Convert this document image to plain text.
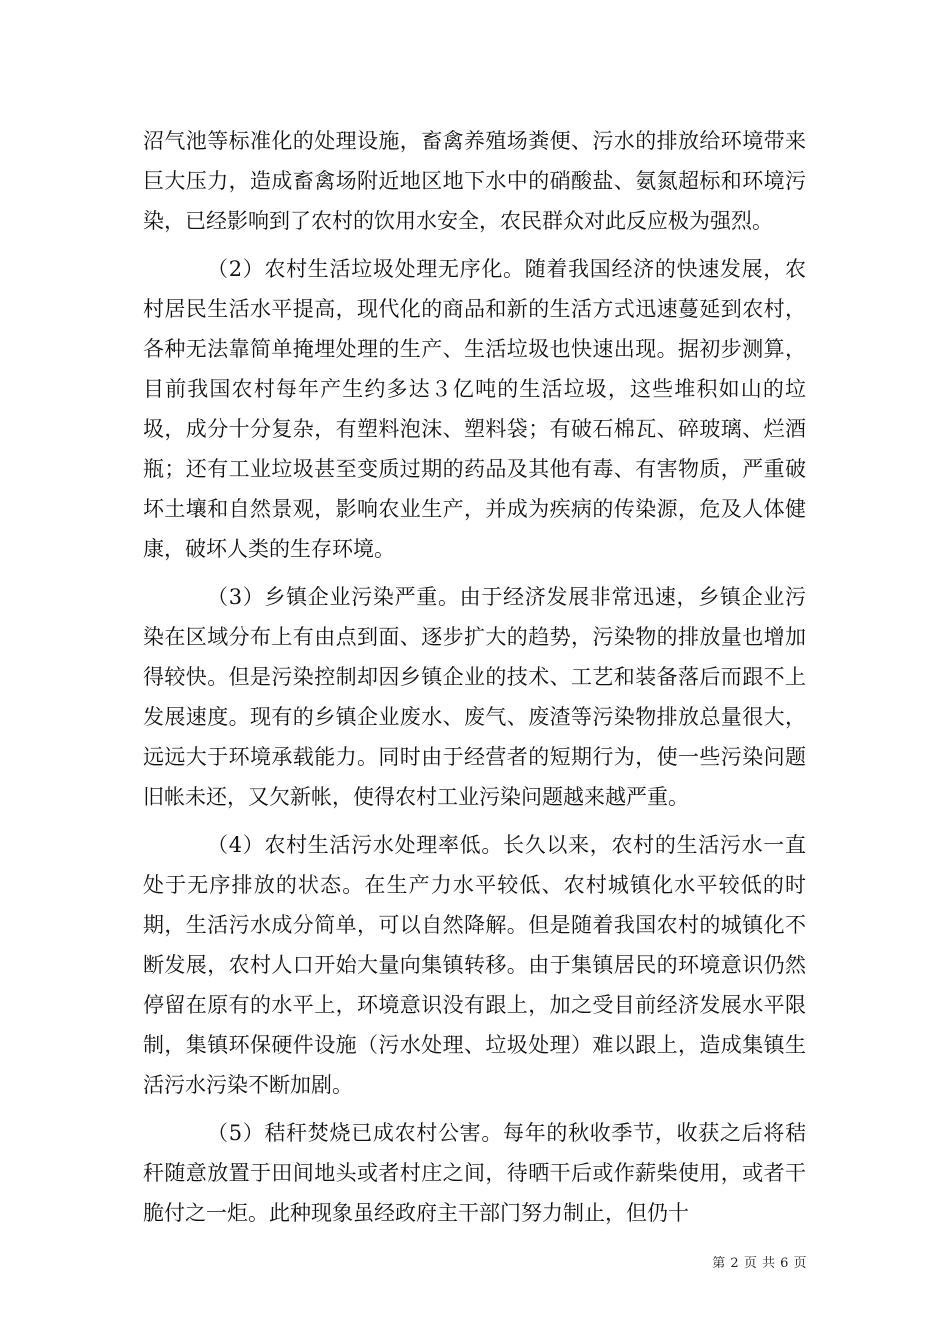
沼气池等标准化的处理设施，畜禽养殖场粪便、污水的排放给环境带来巨大压力，造成畜禽场附近地区地下水中的硝酸盐、氨氮超标和环境污染，已经影响到了农村的饮用水安全，农民群众对此反应极为强烈。

（2）农村生活垃圾处理无序化。随着我国经济的快速发展，农村居民生活水平提高，现代化的商品和新的生活方式迅速蔓延到农村，各种无法靠简单掩埋处理的生产、生活垃圾也快速出现。据初步测算，目前我国农村每年产生约多达３亿吨的生活垃圾，这些堆积如山的垃圾，成分十分复杂，有塑料泡沫、塑料袋；有破石棉瓦、碎玻璃、烂酒瓶；还有工业垃圾甚至变质过期的药品及其他有毒、有害物质，严重破坏土壤和自然景观，影响农业生产，并成为疾病的传染源，危及人体健康，破坏人类的生存环境。

（3）乡镇企业污染严重。由于经济发展非常迅速，乡镇企业污染在区域分布上有由点到面、逐步扩大的趋势，污染物的排放量也增加得较快。但是污染控制却因乡镇企业的技术、工艺和装备落后而跟不上发展速度。现有的乡镇企业废水、废气、废渣等污染物排放总量很大，远远大于环境承载能力。同时由于经营者的短期行为，使一些污染问题旧帐未还，又欠新帐，使得农村工业污染问题越来越严重。

（4）农村生活污水处理率低。长久以来，农村的生活污水一直处于无序排放的状态。在生产力水平较低、农村城镇化水平较低的时期，生活污水成分简单，可以自然降解。但是随着我国农村的城镇化不断发展，农村人口开始大量向集镇转移。由于集镇居民的环境意识仍然停留在原有的水平上，环境意识没有跟上，加之受目前经济发展水平限制，集镇环保硬件设施（污水处理、垃圾处理）难以跟上，造成集镇生活污水污染不断加剧。

（5）秸秆焚烧已成农村公害。每年的秋收季节，收获之后将秸秆随意放置于田间地头或者村庄之间，待晒干后或作薪柴使用，或者干脆付之一炬。此种现象虽经政府主干部门努力制止，但仍十

第 2 页 共 6 页
